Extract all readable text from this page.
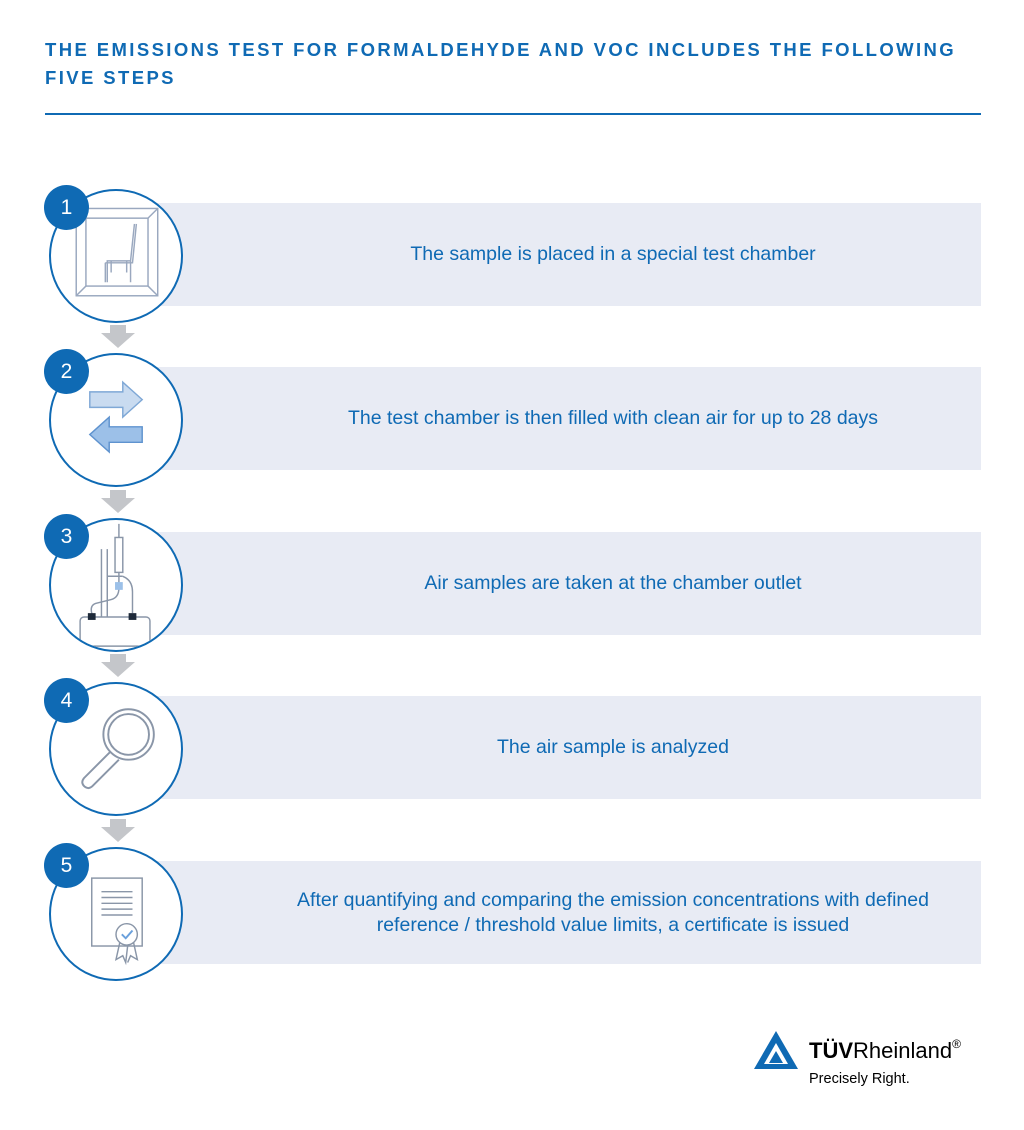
THE EMISSIONS TEST FOR FORMALDEHYDE AND VOC INCLUDES THE FOLLOWING FIVE STEPS
The sample is placed in a special test chamber
1
The test chamber is then filled with clean air for up to 28 days
2
Air samples are taken at the chamber outlet
3
The air sample is analyzed
4
After quantifying and comparing the emission concentrations with defined reference / threshold value limits, a certificate is issued
5
TÜVRheinland®
Precisely Right.
